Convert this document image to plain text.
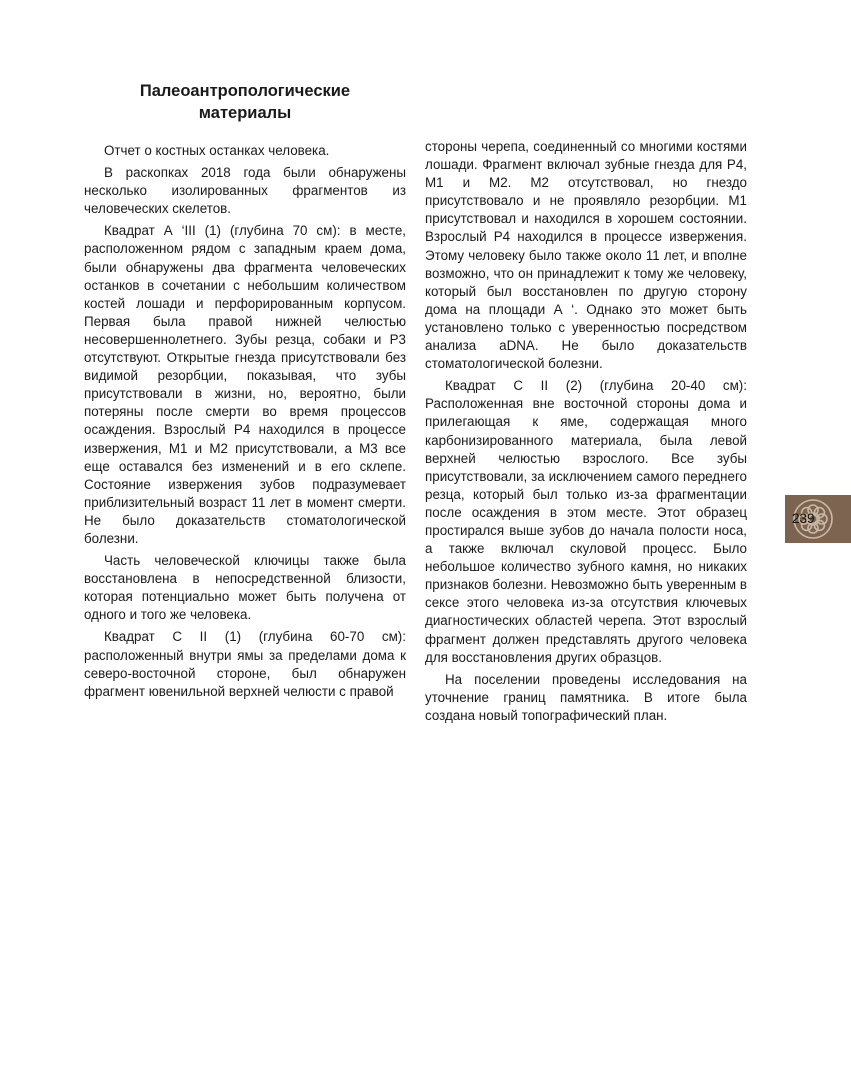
Палеоантропологические
материалы

Отчет о костных останках человека.

В раскопках 2018 года были обнаружены несколько изолированных фрагментов из человеческих скелетов.

Квадрат А ‘III (1) (глубина 70 см): в месте, расположенном рядом с западным краем дома, были обнаружены два фрагмента человеческих останков в сочетании с небольшим количеством костей лошади и перфорированным корпусом. Первая была правой нижней челюстью несовершеннолетнего. Зубы резца, собаки и Р3 отсутствуют. Открытые гнезда присутствовали без видимой резорбции, показывая, что зубы присутствовали в жизни, но, вероятно, были потеряны после смерти во время процессов осаждения. Взрослый Р4 находился в процессе извержения, М1 и М2 присутствовали, а М3 все еще оставался без изменений и в его склепе. Состояние извержения зубов подразумевает приблизительный возраст 11 лет в момент смерти. Не было доказательств стоматологической болезни.

Часть человеческой ключицы также была восстановлена в непосредственной близости, которая потенциально может быть получена от одного и того же человека.

Квадрат С II (1) (глубина 60-70 см): расположенный внутри ямы за пределами дома к северо-восточной стороне, был обнаружен фрагмент ювенильной верхней челюсти с правой

стороны черепа, соединенный со многими костями лошади. Фрагмент включал зубные гнезда для Р4, М1 и М2. М2 отсутствовал, но гнездо присутствовало и не проявляло резорбции. М1 присутствовал и находился в хорошем состоянии. Взрослый Р4 находился в процессе извержения. Этому человеку было также около 11 лет, и вполне возможно, что он принадлежит к тому же человеку, который был восстановлен по другую сторону дома на площади А ‘. Однако это может быть установлено только с уверенностью посредством анализа aDNA. Не было доказательств стоматологической болезни.

Квадрат С II (2) (глубина 20-40 см): Расположенная вне восточной стороны дома и прилегающая к яме, содержащая много карбонизированного материала, была левой верхней челюстью взрослого. Все зубы присутствовали, за исключением самого переднего резца, который был только из-за фрагментации после осаждения в этом месте. Этот образец простирался выше зубов до начала полости носа, а также включал скуловой процесс. Было небольшое количество зубного камня, но никаких признаков болезни. Невозможно быть уверенным в сексе этого человека из-за отсутствия ключевых диагностических областей черепа. Этот взрослый фрагмент должен представлять другого человека для восстановления других образцов.

На поселении проведены исследования на уточнение границ памятника. В итоге была создана новый топографический план.

239
